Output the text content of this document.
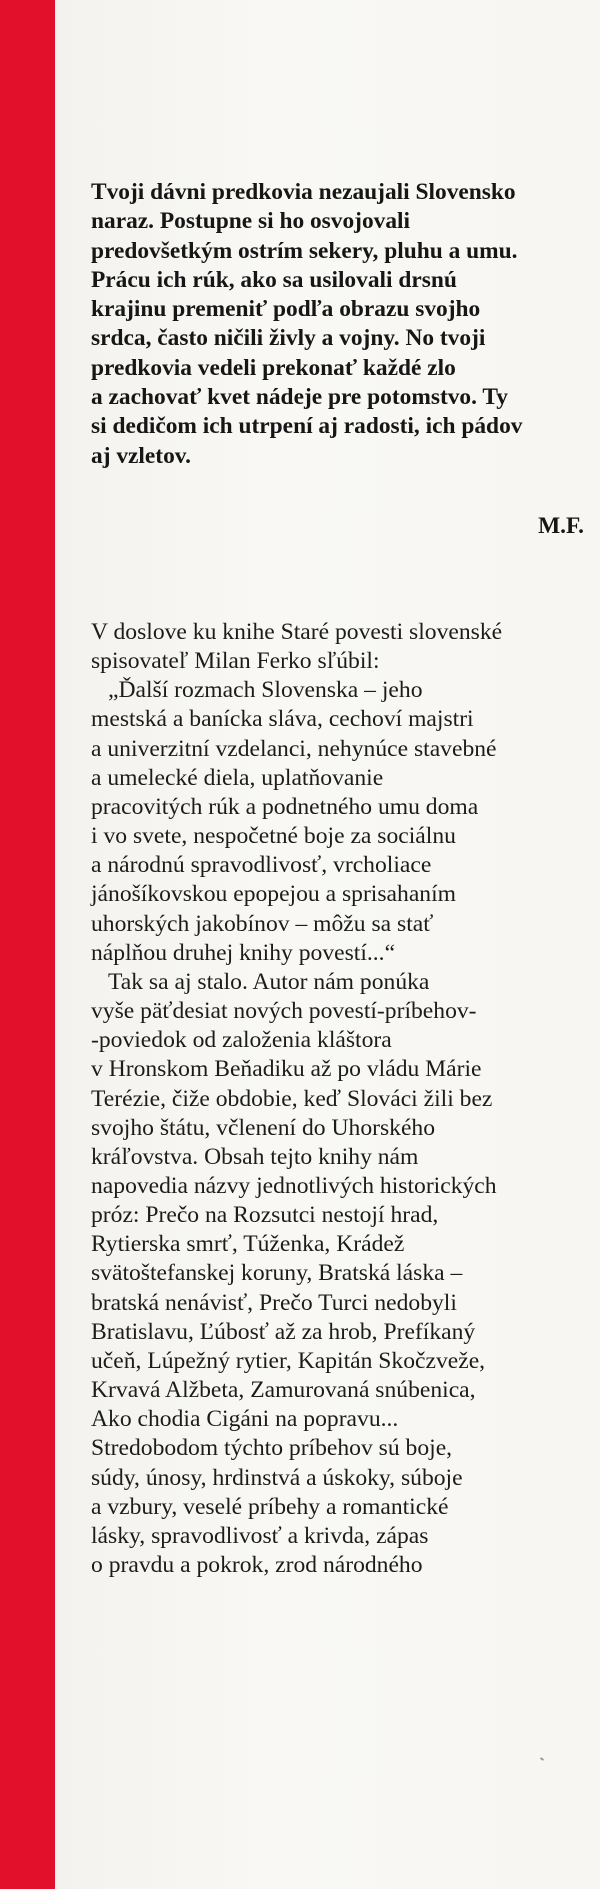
Tvoji dávni predkovia nezaujali Slovensko
naraz. Postupne si ho osvojovali
predovšetkým ostrím sekery, pluhu a umu.
Prácu ich rúk, ako sa usilovali drsnú
krajinu premeniť podľa obrazu svojho
srdca, často ničili živly a vojny. No tvoji
predkovia vedeli prekonať každé zlo
a zachovať kvet nádeje pre potomstvo. Ty
si dedičom ich utrpení aj radosti, ich pádov
aj vzletov.
M.F.
V doslove ku knihe Staré povesti slovenské
spisovateľ Milan Ferko sľúbil:
„Ďalší rozmach Slovenska – jeho
mestská a banícka sláva, cechoví majstri
a univerzitní vzdelanci, nehynúce stavebné
a umelecké diela, uplatňovanie
pracovitých rúk a podnetného umu doma
i vo svete, nespočetné boje za sociálnu
a národnú spravodlivosť, vrcholiace
jánošíkovskou epopejou a sprisahaním
uhorských jakobínov – môžu sa stať
náplňou druhej knihy povestí...“
Tak sa aj stalo. Autor nám ponúka
vyše päťdesiat nových povestí-príbehov-
-poviedok od založenia kláštora
v Hronskom Beňadiku až po vládu Márie
Terézie, čiže obdobie, keď Slováci žili bez
svojho štátu, včlenení do Uhorského
kráľovstva. Obsah tejto knihy nám
napovedia názvy jednotlivých historických
próz: Prečo na Rozsutci nestojí hrad,
Rytierska smrť, Túženka, Krádež
svätoštefanskej koruny, Bratská láska –
bratská nenávisť, Prečo Turci nedobyli
Bratislavu, Ľúbosť až za hrob, Prefíkaný
učeň, Lúpežný rytier, Kapitán Skočzveže,
Krvavá Alžbeta, Zamurovaná snúbenica,
Ako chodia Cigáni na popravu...
Stredobodom týchto príbehov sú boje,
súdy, únosy, hrdinstvá a úskoky, súboje
a vzbury, veselé príbehy a romantické
lásky, spravodlivosť a krivda, zápas
o pravdu a pokrok, zrod národného
